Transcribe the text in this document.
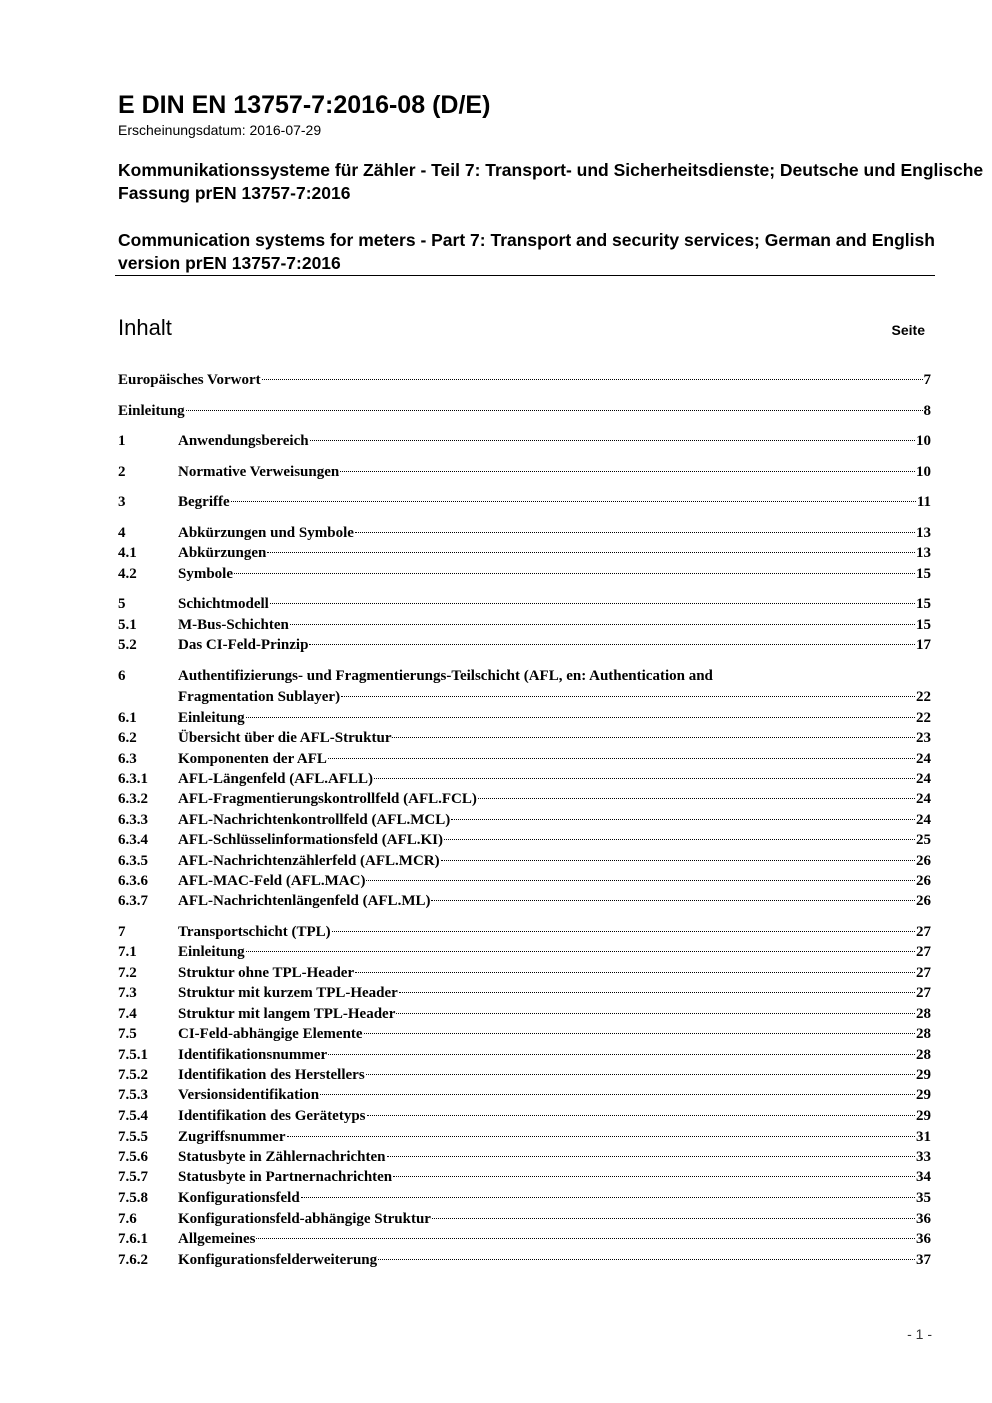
E DIN EN 13757-7:2016-08 (D/E)
Erscheinungsdatum: 2016-07-29
Kommunikationssysteme für Zähler - Teil 7: Transport- und Sicherheitsdienste; Deutsche und Englische Fassung prEN 13757-7:2016
Communication systems for meters - Part 7: Transport and security services; German and English version prEN 13757-7:2016
Inhalt	Seite
Europäisches Vorwort	7
Einleitung	8
1	Anwendungsbereich	10
2	Normative Verweisungen	10
3	Begriffe	11
4	Abkürzungen und Symbole	13
4.1	Abkürzungen	13
4.2	Symbole	15
5	Schichtmodell	15
5.1	M-Bus-Schichten	15
5.2	Das CI-Feld-Prinzip	17
6	Authentifizierungs- und Fragmentierungs-Teilschicht (AFL, en: Authentication and
Fragmentation Sublayer)	22
6.1	Einleitung	22
6.2	Übersicht über die AFL-Struktur	23
6.3	Komponenten der AFL	24
6.3.1 AFL-Längenfeld (AFL.AFLL)	24
6.3.2 AFL-Fragmentierungskontrollfeld (AFL.FCL)	24
6.3.3 AFL-Nachrichtenkontrollfeld (AFL.MCL)	24
6.3.4 AFL-Schlüsselinformationsfeld (AFL.KI)	25
6.3.5 AFL-Nachrichtenzählerfeld (AFL.MCR)	26
6.3.6 AFL-MAC-Feld (AFL.MAC)	26
6.3.7 AFL-Nachrichtenlängenfeld (AFL.ML)	26
7	Transportschicht (TPL)	27
7.1	Einleitung	27
7.2	Struktur ohne TPL-Header	27
7.3	Struktur mit kurzem TPL-Header	27
7.4	Struktur mit langem TPL-Header	28
7.5	CI-Feld-abhängige Elemente	28
7.5.1 Identifikationsnummer	28
7.5.2 Identifikation des Herstellers	29
7.5.3 Versionsidentifikation	29
7.5.4 Identifikation des Gerätetyps	29
7.5.5 Zugriffsnummer	31
7.5.6 Statusbyte in Zählernachrichten	33
7.5.7 Statusbyte in Partnernachrichten	34
7.5.8 Konfigurationsfeld	35
7.6	Konfigurationsfeld-abhängige Struktur	36
7.6.1 Allgemeines	36
7.6.2 Konfigurationsfelderweiterung	37
- 1 -
